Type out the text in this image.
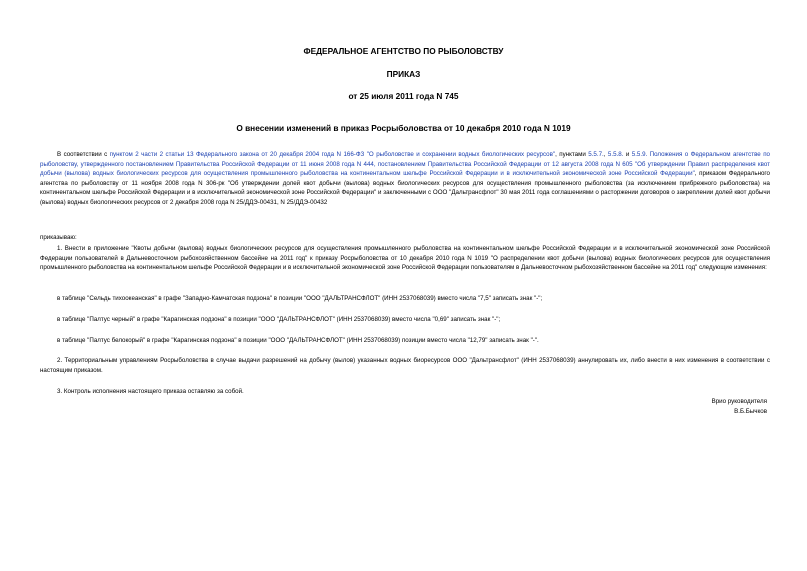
ФЕДЕРАЛЬНОЕ АГЕНТСТВО ПО РЫБОЛОВСТВУ
ПРИКАЗ
от 25 июля 2011 года N 745
О внесении изменений в приказ Росрыболовства от 10 декабря 2010 года N 1019
В соответствии с пунктом 2 части 2 статьи 13 Федерального закона от 20 декабря 2004 года N 166-ФЗ "О рыболовстве и сохранении водных биологических ресурсов", пунктами 5.5.7., 5.5.8. и 5.5.9. Положения о Федеральном агентстве по рыболовству, утвержденного постановлением Правительства Российской Федерации от 11 июня 2008 года N 444, постановлением Правительства Российской Федерации от 12 августа 2008 года N 605 "Об утверждении Правил распределения квот добычи (вылова) водных биологических ресурсов для осуществления промышленного рыболовства на континентальном шельфе Российской Федерации и в исключительной экономической зоне Российской Федерации", приказом Федерального агентства по рыболовству от 11 ноября 2008 года N 306-рк "Об утверждении долей квот добычи (вылова) водных биологических ресурсов для осуществления промышленного рыболовства (за исключением прибрежного рыболовства) на континентальном шельфе Российской Федерации и в исключительной экономической зоне Российской Федерации" и заключенными с ООО "Дальтрансфлот" 30 мая 2011 года соглашениями о расторжении договоров о закреплении долей квот добычи (вылова) водных биологических ресурсов от 2 декабря 2008 года N 25/ДДЭ-00431, N 25/ДДЭ-00432
приказываю:
1. Внести в приложение "Квоты добычи (вылова) водных биологических ресурсов для осуществления промышленного рыболовства на континентальном шельфе Российской Федерации и в исключительной экономической зоне Российской Федерации пользователей в Дальневосточном рыбохозяйственном бассейне на 2011 год" к приказу Росрыболовства от 10 декабря 2010 года N 1019 "О распределении квот добычи (вылова) водных биологических ресурсов для осуществления промышленного рыболовства на континентальном шельфе Российской Федерации и в исключительной экономической зоне Российской Федерации пользователям в Дальневосточном рыбохозяйственном бассейне на 2011 год" следующие изменения:
в таблице "Сельдь тихоокеанская" в графе "Западно-Камчатская подзона" в позиции "ООО "ДАЛЬТРАНСФЛОТ" (ИНН 2537068039) вместо числа "7,5" записать знак "-";
в таблице "Палтус черный" в графе "Карагинская подзона" в позиции "ООО "ДАЛЬТРАНСФЛОТ" (ИНН 2537068039) вместо числа "0,69" записать знак "-";
в таблице "Палтус белокорый" в графе "Карагинская подзона" в позиции "ООО "ДАЛЬТРАНСФЛОТ" (ИНН 2537068039) позиции вместо числа "12,79" записать знак "-".
2. Территориальным управлениям Росрыболовства в случае выдачи разрешений на добычу (вылов) указанных водных биоресурсов ООО "Дальтрансфлот" (ИНН 2537068039) аннулировать их, либо внести в них изменения в соответствии с настоящим приказом.
3. Контроль исполнения настоящего приказа оставляю за собой.
Врио руководителя
В.Б.Бычков
